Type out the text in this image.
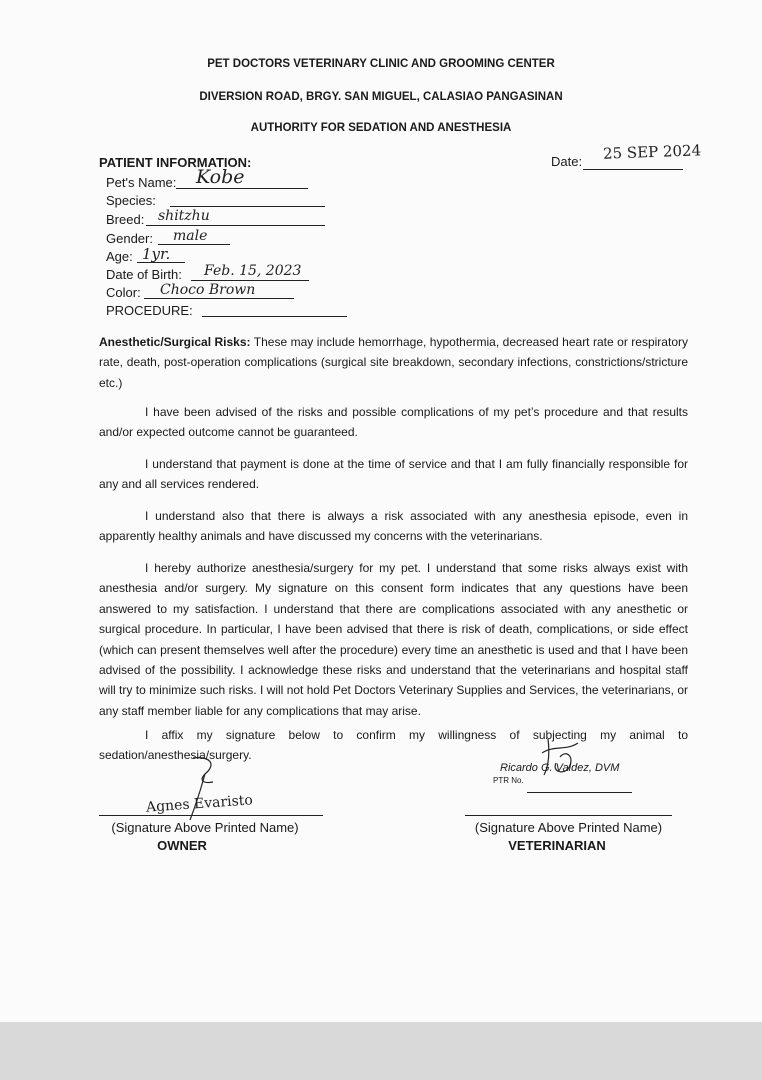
PET DOCTORS VETERINARY CLINIC AND GROOMING CENTER
DIVERSION ROAD, BRGY. SAN MIGUEL, CALASIAO PANGASINAN
AUTHORITY FOR SEDATION AND ANESTHESIA
Date: 25 SEP 2024
PATIENT INFORMATION:
Pet's Name: Kobe
Species:
Breed: shitzhu
Gender: male
Age: 1yr.
Date of Birth: Feb. 15, 2023
Color: Choco Brown
PROCEDURE:
Anesthetic/Surgical Risks: These may include hemorrhage, hypothermia, decreased heart rate or respiratory rate, death, post-operation complications (surgical site breakdown, secondary infections, constrictions/stricture etc.)
I have been advised of the risks and possible complications of my pet’s procedure and that results and/or expected outcome cannot be guaranteed.
I understand that payment is done at the time of service and that I am fully financially responsible for any and all services rendered.
I understand also that there is always a risk associated with any anesthesia episode, even in apparently healthy animals and have discussed my concerns with the veterinarians.
I hereby authorize anesthesia/surgery for my pet. I understand that some risks always exist with anesthesia and/or surgery. My signature on this consent form indicates that any questions have been answered to my satisfaction. I understand that there are complications associated with any anesthetic or surgical procedure. In particular, I have been advised that there is risk of death, complications, or side effect (which can present themselves well after the procedure) every time an anesthetic is used and that I have been advised of the possibility. I acknowledge these risks and understand that the veterinarians and hospital staff will try to minimize such risks. I will not hold Pet Doctors Veterinary Supplies and Services, the veterinarians, or any staff member liable for any complications that may arise.
I affix my signature below to confirm my willingness of subjecting my animal to sedation/anesthesia/surgery.
Agnes Evaristo
(Signature Above Printed Name)
OWNER
Ricardo G. Valdez, DVM
PTR No.
(Signature Above Printed Name)
VETERINARIAN
